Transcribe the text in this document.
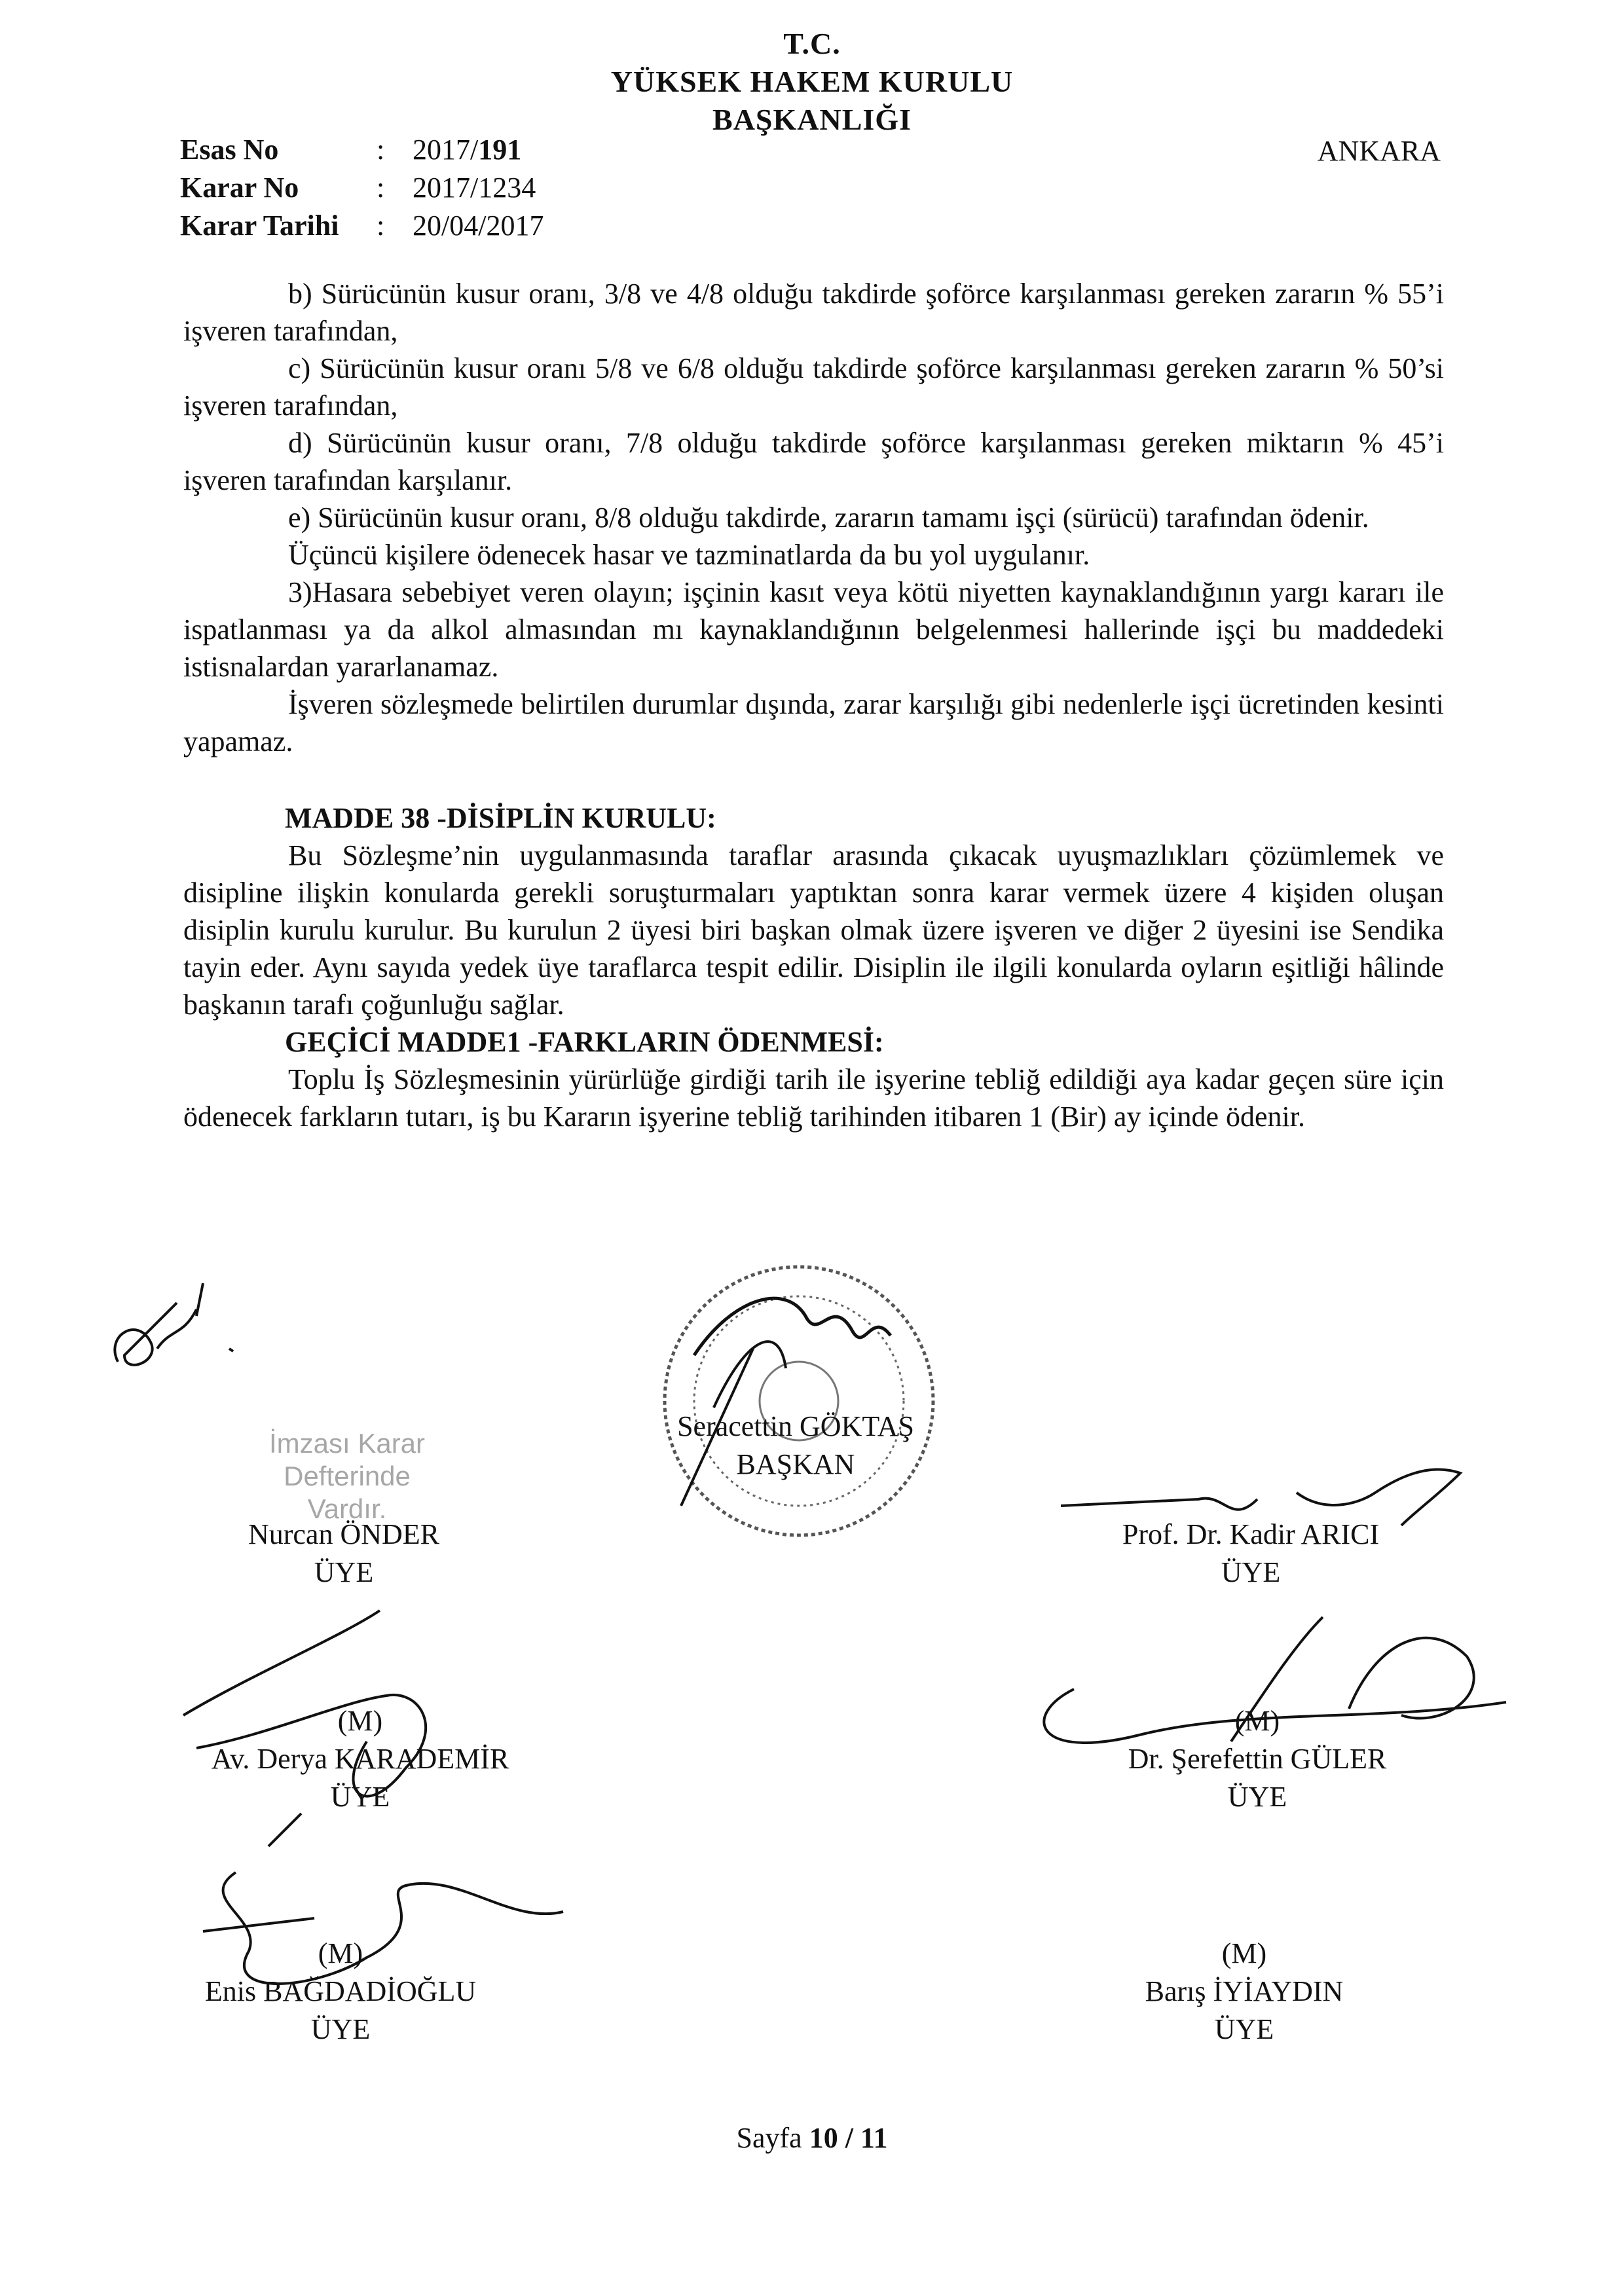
T.C.
YÜKSEK HAKEM KURULU
BAŞKANLIĞI
Esas No	: 2017/191
Karar No	: 2017/1234
Karar Tarihi : 20/04/2017
ANKARA

b) Sürücünün kusur oranı, 3/8 ve 4/8 olduğu takdirde şoförce karşılanması gereken zararın % 55’i işveren tarafından,

c) Sürücünün kusur oranı 5/8 ve 6/8 olduğu takdirde şoförce karşılanması gereken zararın % 50’si işveren tarafından,

d) Sürücünün kusur oranı, 7/8 olduğu takdirde şoförce karşılanması gereken miktarın % 45’i işveren tarafından karşılanır.

e) Sürücünün kusur oranı, 8/8 olduğu takdirde, zararın tamamı işçi (sürücü) tarafından ödenir.

Üçüncü kişilere ödenecek hasar ve tazminatlarda da bu yol uygulanır.

3)Hasara sebebiyet veren olayın; işçinin kasıt veya kötü niyetten kaynaklandığının yargı kararı ile ispatlanması ya da alkol almasından mı kaynaklandığının belgelenmesi hallerinde işçi bu maddedeki istisnalardan yararlanamaz.

İşveren sözleşmede belirtilen durumlar dışında, zarar karşılığı gibi nedenlerle işçi ücretinden kesinti yapamaz.

MADDE 38 -DİSİPLİN KURULU:

Bu Sözleşme’nin uygulanmasında taraflar arasında çıkacak uyuşmazlıkları çözümlemek ve disipline ilişkin konularda gerekli soruşturmaları yaptıktan sonra karar vermek üzere 4 kişiden oluşan disiplin kurulu kurulur. Bu kurulun 2 üyesi biri başkan olmak üzere işveren ve diğer 2 üyesini ise Sendika tayin eder. Aynı sayıda yedek üye taraflarca tespit edilir. Disiplin ile ilgili konularda oyların eşitliği hâlinde başkanın tarafı çoğunluğu sağlar.

GEÇİCİ MADDE1 -FARKLARIN ÖDENMESİ:

Toplu İş Sözleşmesinin yürürlüğe girdiği tarih ile işyerine tebliğ edildiği aya kadar geçen süre için ödenecek farkların tutarı, iş bu Kararın işyerine tebliğ tarihinden itibaren 1 (Bir) ay içinde ödenir.

Seracettin GÖKTAŞ
BAŞKAN
İmzası Karar Defterinde
Vardır.
Nurcan ÖNDER
ÜYE
(M)
Av. Derya KARADEMİR
ÜYE
(M)
Enis BAĞDADİOĞLU
ÜYE
Prof. Dr. Kadir ARICI
ÜYE
(M)
Dr. Şerefettin GÜLER
ÜYE
(M)
Barış İYİAYDIN
ÜYE
Sayfa 10 / 11
